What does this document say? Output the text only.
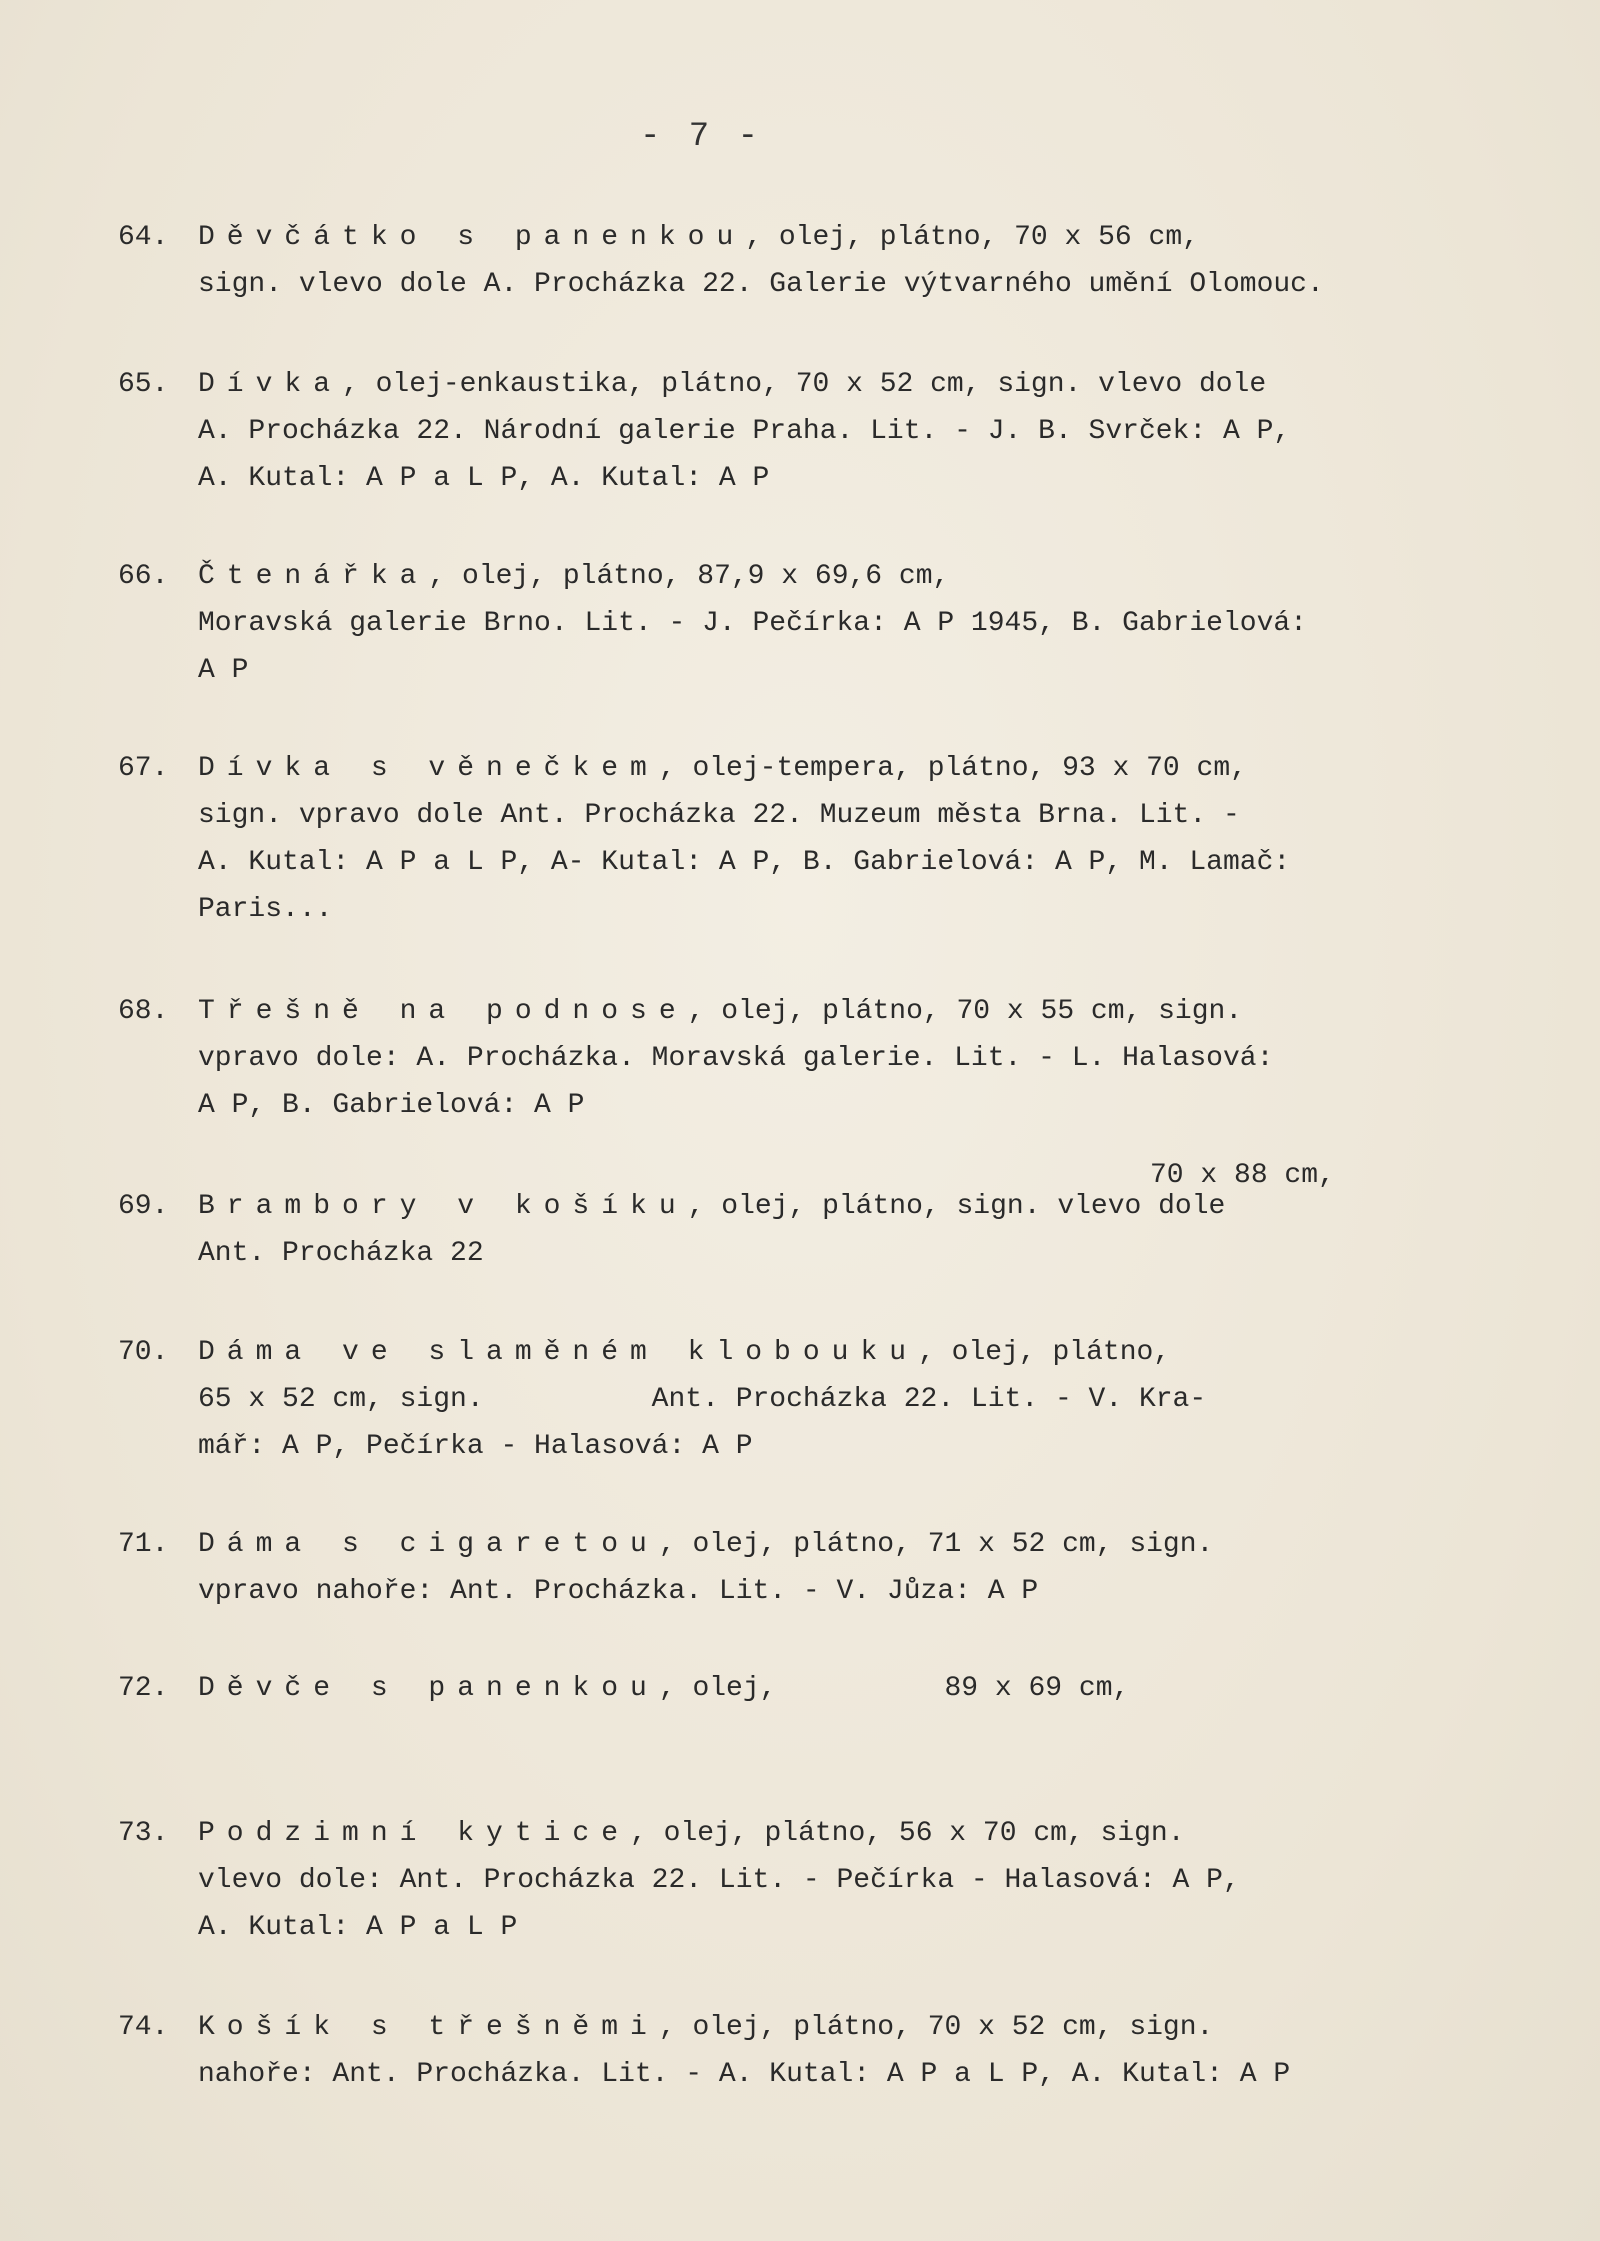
- 7 -
64. Děvčátko s panenkou, olej, plátno, 70 x 56 cm,
sign. vlevo dole A. Procházka 22. Galerie výtvarného umění Olomouc.
65. Dívka, olej-enkaustika, plátno, 70 x 52 cm, sign. vlevo dole
A. Procházka 22. Národní galerie Praha. Lit. - J. B. Svrček: A P,
A. Kutal: A P a L P, A. Kutal: A P
66. Čtenářka, olej, plátno, 87,9 x 69,6 cm,
Moravská galerie Brno. Lit. - J. Pečírka: A P 1945, B. Gabrielová:
A P
67. Dívka s věnečkem, olej-tempera, plátno, 93 x 70 cm,
sign. vpravo dole Ant. Procházka 22. Muzeum města Brna. Lit. -
A. Kutal: A P a L P, A- Kutal: A P, B. Gabrielová: A P, M. Lamač:
Paris...
68. Třešně na podnose, olej, plátno, 70 x 55 cm, sign.
vpravo dole: A. Procházka. Moravská galerie. Lit. - L. Halasová:
A P, B. Gabrielová: A P
70 x 88 cm,
69. Brambory v košíku, olej, plátno, sign. vlevo dole
Ant. Procházka 22
70. Dáma ve slaměném klobouku, olej, plátno,
65 x 52 cm, sign.          Ant. Procházka 22. Lit. - V. Kra-
mář: A P, Pečírka - Halasová: A P
71. Dáma s cigaretou, olej, plátno, 71 x 52 cm, sign.
vpravo nahoře: Ant. Procházka. Lit. - V. Jůza: A P
72. Děvče s panenkou, olej,          89 x 69 cm,
73. Podzimní kytice, olej, plátno, 56 x 70 cm, sign.
vlevo dole: Ant. Procházka 22. Lit. - Pečírka - Halasová: A P,
A. Kutal: A P a L P
74. Košík s třešněmi, olej, plátno, 70 x 52 cm, sign.
nahoře: Ant. Procházka. Lit. - A. Kutal: A P a L P, A. Kutal: A P
